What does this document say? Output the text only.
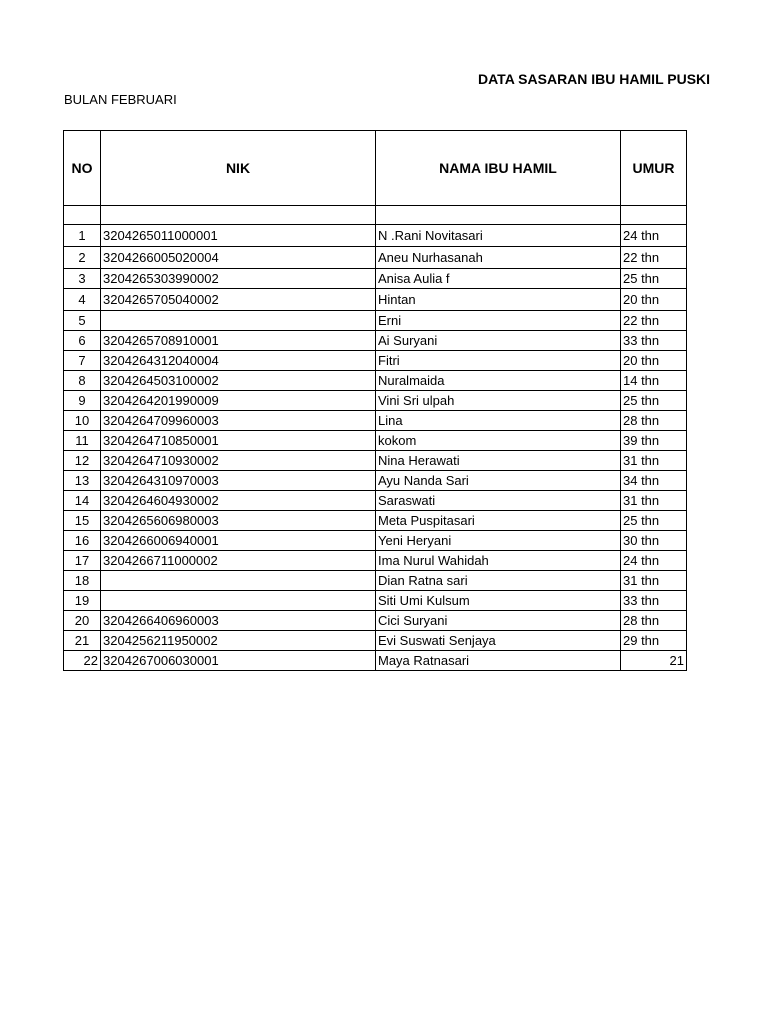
DATA SASARAN IBU HAMIL PUSKI
BULAN FEBRUARI
NO	NIK	NAMA IBU HAMIL	UMUR

1	3204265011000001	N .Rani Novitasari	24 thn
2	3204266005020004	Aneu Nurhasanah	22 thn
3	3204265303990002	Anisa Aulia f	25 thn
4	3204265705040002	Hintan	20 thn
5		Erni	22 thn
6	3204265708910001	Ai Suryani	33 thn
7	3204264312040004	Fitri	20 thn
8	3204264503100002	Nuralmaida	14 thn
9	3204264201990009	Vini Sri ulpah	25 thn
10	3204264709960003	Lina	28 thn
11	3204264710850001	kokom	39 thn
12	3204264710930002	Nina Herawati	31 thn
13	3204264310970003	Ayu Nanda Sari	34 thn
14	3204264604930002	Saraswati	31 thn
15	3204265606980003	Meta Puspitasari	25 thn
16	3204266006940001	Yeni Heryani	30 thn
17	3204266711000002	Ima Nurul Wahidah	24 thn
18		Dian Ratna sari	31 thn
19		Siti Umi Kulsum	33 thn
20	3204266406960003	Cici Suryani	28 thn
21	3204256211950002	Evi Suswati Senjaya	29 thn
22	3204267006030001	Maya Ratnasari	21
